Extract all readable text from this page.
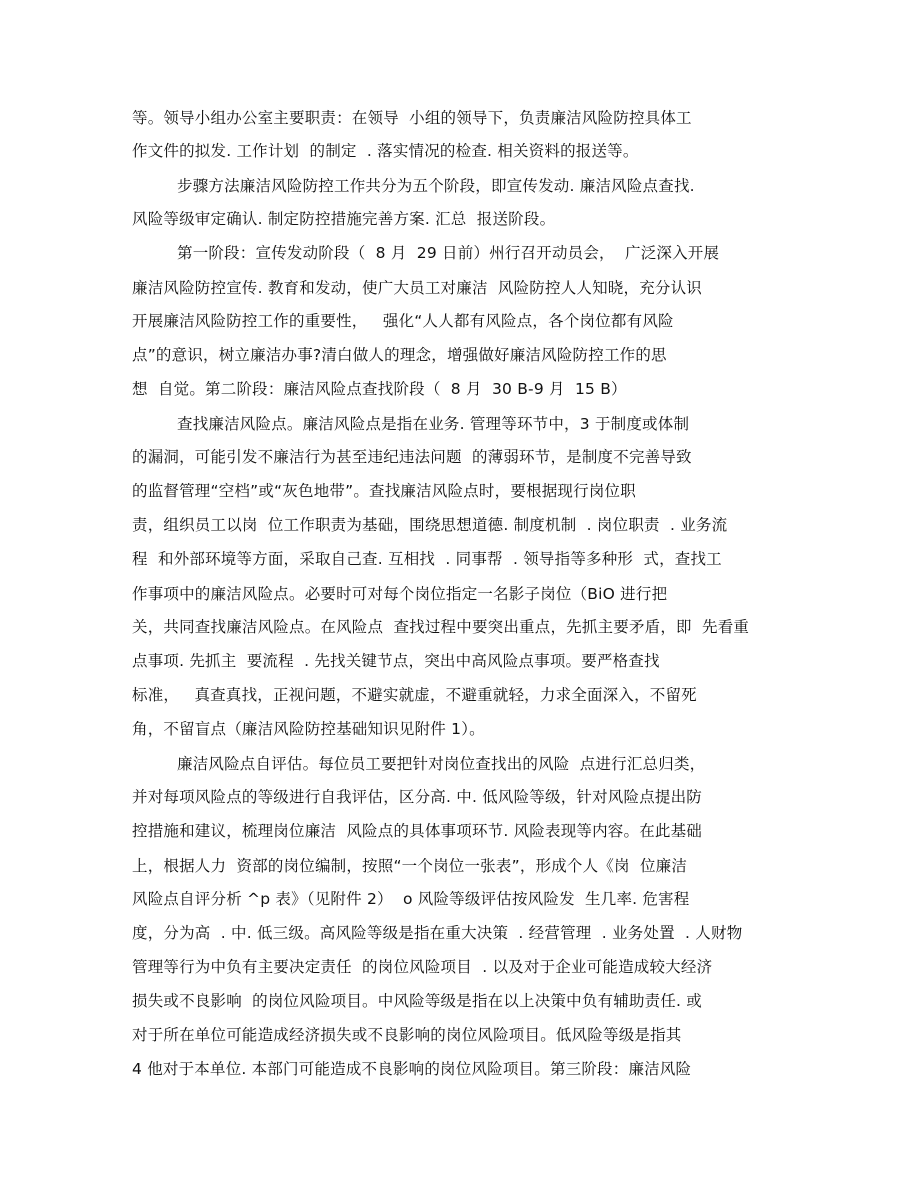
等。领导小组办公室主要职责：在领导  小组的领导下，负责廉洁风险防控具体工
作文件的拟发. 工作计划  的制定  . 落实情况的检查. 相关资料的报送等。
步骤方法廉洁风险防控工作共分为五个阶段，即宣传发动. 廉洁风险点查找.
风险等级审定确认. 制定防控措施完善方案. 汇总  报送阶段。
第一阶段：宣传发动阶段（  8 月  29 日前）州行召开动员会，  广泛深入开展
廉洁风险防控宣传. 教育和发动，使广大员工对廉洁  风险防控人人知晓，充分认识
开展廉洁风险防控工作的重要性，   强化“人人都有风险点，各个岗位都有风险
点”的意识，树立廉洁办事?清白做人的理念，增强做好廉洁风险防控工作的思
想  自觉。第二阶段：廉洁风险点查找阶段（  8 月  30 B-9 月  15 B）
查找廉洁风险点。廉洁风险点是指在业务. 管理等环节中，3 于制度或体制
的漏洞，可能引发不廉洁行为甚至违纪违法问题  的薄弱环节，是制度不完善导致
的监督管理“空档”或“灰色地带”。查找廉洁风险点时，要根据现行岗位职
责，组织员工以岗  位工作职责为基础，围绕思想道德. 制度机制  . 岗位职责  . 业务流
程  和外部环境等方面，采取自己查. 互相找  . 同事帮  . 领导指等多种形  式，查找工
作事项中的廉洁风险点。必要时可对每个岗位指定一名影子岗位（BiO 进行把
关，共同查找廉洁风险点。在风险点  查找过程中要突出重点，先抓主要矛盾，即  先看重
点事项. 先抓主  要流程  . 先找关键节点，突出中高风险点事项。要严格查找
标准，   真查真找，正视问题，不避实就虚，不避重就轻，力求全面深入，不留死
角，不留盲点（廉洁风险防控基础知识见附件 1）。
廉洁风险点自评估。每位员工要把针对岗位查找出的风险  点进行汇总归类，
并对每项风险点的等级进行自我评估，区分高. 中. 低风险等级，针对风险点提出防
控措施和建议，梳理岗位廉洁  风险点的具体事项环节. 风险表现等内容。在此基础
上，根据人力  资部的岗位编制，按照“一个岗位一张表”，形成个人《岗  位廉洁
风险点自评分析 ^p 表》（见附件 2）  o 风险等级评估按风险发  生几率. 危害程
度，分为高  . 中. 低三级。高风险等级是指在重大决策  . 经营管理  . 业务处置  . 人财物
管理等行为中负有主要决定责任  的岗位风险项目  . 以及对于企业可能造成较大经济
损失或不良影响  的岗位风险项目。中风险等级是指在以上决策中负有辅助责任. 或
对于所在单位可能造成经济损失或不良影响的岗位风险项目。低风险等级是指其
4 他对于本单位. 本部门可能造成不良影响的岗位风险项目。第三阶段：廉洁风险
